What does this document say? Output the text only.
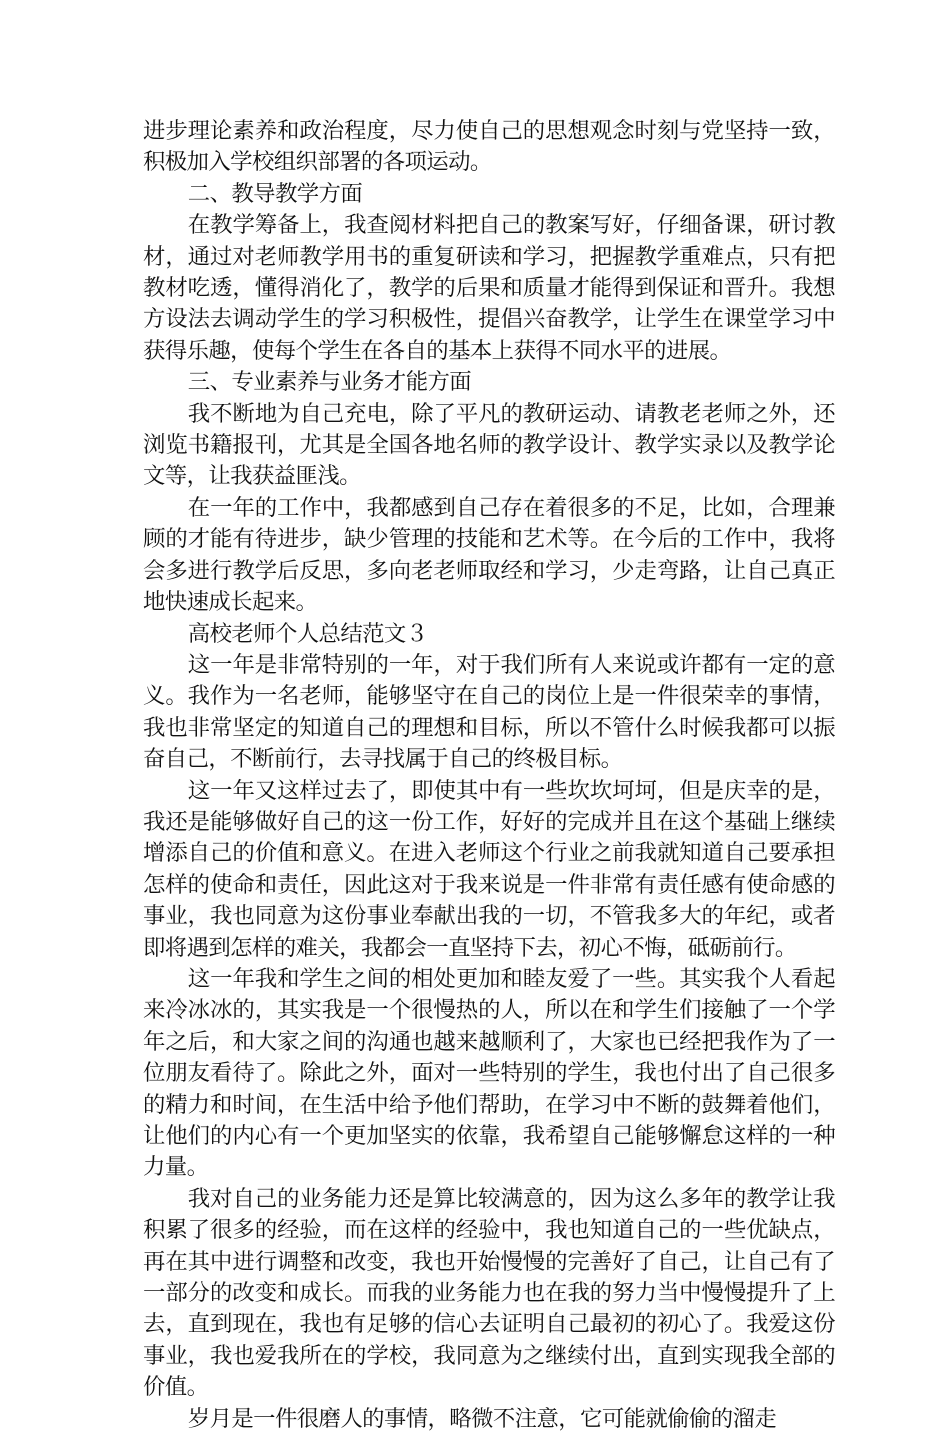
进步理论素养和政治程度，尽力使自己的思想观念时刻与党坚持一致，积极加入学校组织部署的各项运动。

二、教导教学方面

在教学筹备上，我查阅材料把自己的教案写好，仔细备课，研讨教材，通过对老师教学用书的重复研读和学习，把握教学重难点，只有把教材吃透，懂得消化了，教学的后果和质量才能得到保证和晋升。我想方设法去调动学生的学习积极性，提倡兴奋教学，让学生在课堂学习中获得乐趣，使每个学生在各自的基本上获得不同水平的进展。

三、专业素养与业务才能方面

我不断地为自己充电，除了平凡的教研运动、请教老老师之外，还浏览书籍报刊，尤其是全国各地名师的教学设计、教学实录以及教学论文等，让我获益匪浅。

在一年的工作中，我都感到自己存在着很多的不足，比如，合理兼顾的才能有待进步，缺少管理的技能和艺术等。在今后的工作中，我将会多进行教学后反思，多向老老师取经和学习，少走弯路，让自己真正地快速成长起来。

高校老师个人总结范文３

这一年是非常特别的一年，对于我们所有人来说或许都有一定的意义。我作为一名老师，能够坚守在自己的岗位上是一件很荣幸的事情，我也非常坚定的知道自己的理想和目标，所以不管什么时候我都可以振奋自己，不断前行，去寻找属于自己的终极目标。

这一年又这样过去了，即使其中有一些坎坎坷坷，但是庆幸的是，我还是能够做好自己的这一份工作，好好的完成并且在这个基础上继续增添自己的价值和意义。在进入老师这个行业之前我就知道自己要承担怎样的使命和责任，因此这对于我来说是一件非常有责任感有使命感的事业，我也同意为这份事业奉献出我的一切，不管我多大的年纪，或者即将遇到怎样的难关，我都会一直坚持下去，初心不悔，砥砺前行。

这一年我和学生之间的相处更加和睦友爱了一些。其实我个人看起来冷冰冰的，其实我是一个很慢热的人，所以在和学生们接触了一个学年之后，和大家之间的沟通也越来越顺利了，大家也已经把我作为了一位朋友看待了。除此之外，面对一些特别的学生，我也付出了自己很多的精力和时间，在生活中给予他们帮助，在学习中不断的鼓舞着他们，让他们的内心有一个更加坚实的依靠，我希望自己能够懈怠这样的一种力量。

我对自己的业务能力还是算比较满意的，因为这么多年的教学让我积累了很多的经验，而在这样的经验中，我也知道自己的一些优缺点，再在其中进行调整和改变，我也开始慢慢的完善好了自己，让自己有了一部分的改变和成长。而我的业务能力也在我的努力当中慢慢提升了上去，直到现在，我也有足够的信心去证明自己最初的初心了。我爱这份事业，我也爱我所在的学校，我同意为之继续付出，直到实现我全部的价值。

岁月是一件很磨人的事情，略微不注意，它可能就偷偷的溜走
